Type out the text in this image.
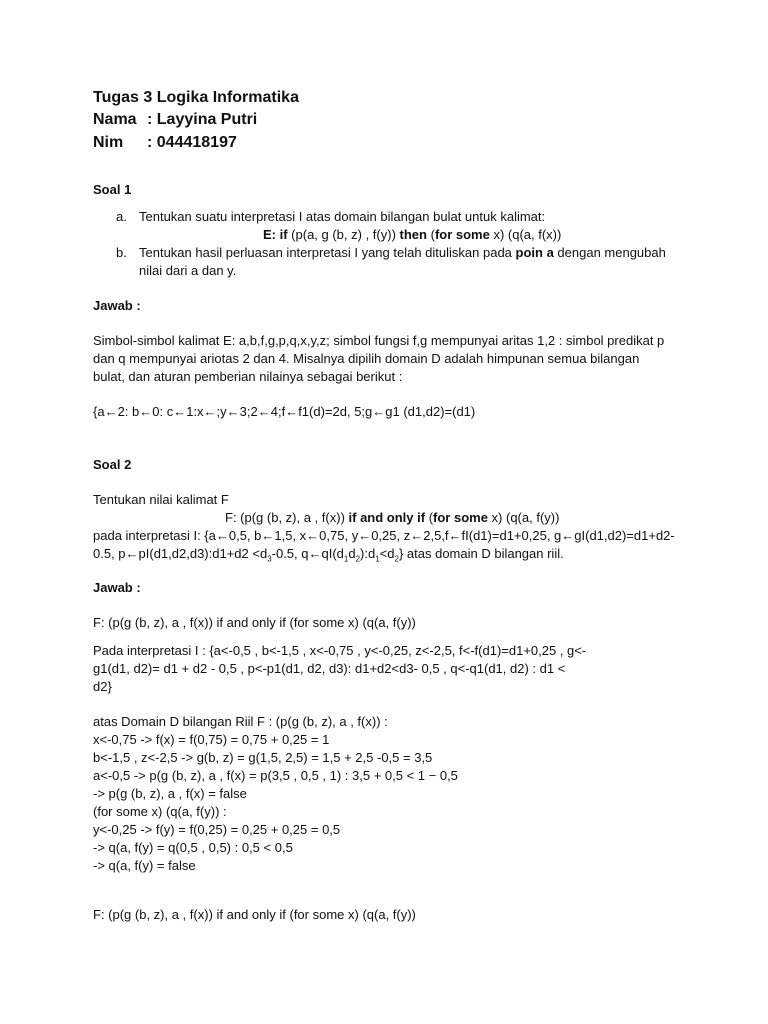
Tugas 3 Logika Informatika
Nama : Layyina Putri
Nim : 044418197
Soal 1
a. Tentukan suatu interpretasi I atas domain bilangan bulat untuk kalimat:
E: if (p(a, g (b, z) , f(y)) then (for some x) (q(a, f(x))
b. Tentukan hasil perluasan interpretasi I yang telah dituliskan pada poin a dengan mengubah
nilai dari a dan y.
Jawab :
Simbol-simbol kalimat E: a,b,f,g,p,q,x,y,z; simbol fungsi f,g mempunyai aritas 1,2 : simbol predikat p
dan q mempunyai ariotas 2 dan 4. Misalnya dipilih domain D adalah himpunan semua bilangan
bulat, dan aturan pemberian nilainya sebagai berikut :
{a←2: b←0: c←1:x←;y←3;2←4;f←f1(d)=2d, 5;g←g1 (d1,d2)=(d1)
Soal 2
Tentukan nilai kalimat F
F: (p(g (b, z), a , f(x)) if and only if (for some x) (q(a, f(y))
pada interpretasi I: {a←0,5, b←1,5, x←0,75, y←0,25, z←2,5,f←fI(d1)=d1+0,25, g←gI(d1,d2)=d1+d2-
0.5, p←pI(d1,d2,d3):d1+d2 $<d_3-0.5$, $q\leftarrow qI(d_1d_2):d_1<d_2$} atas domain D bilangan riil.
Jawab :
F: (p(g (b, z), a , f(x)) if and only if (for some x) (q(a, f(y))
Pada interpretasi I : {a<-0,5 , b<-1,5 , x<-0,75 , y<-0,25, z<-2,5, f<-f(d1)=d1+0,25 , g<-
g1(d1, d2)= d1 + d2 - 0,5 , p<-p1(d1, d2, d3): d1+d2<d3- 0,5 , q<-q1(d1, d2) : d1 <
d2}
atas Domain D bilangan Riil F : (p(g (b, z), a , f(x)) :
x<-0,75 -> f(x) = f(0,75) = 0,75 + 0,25 = 1
b<-1,5 , z<-2,5 -> g(b, z) = g(1,5, 2,5) = 1,5 + 2,5 -0,5 = 3,5
a<-0,5 -> p(g (b, z), a , f(x) = p(3,5 , 0,5 , 1) : 3,5 + 0,5 < 1 − 0,5
-> p(g (b, z), a , f(x) = false
(for some x) (q(a, f(y)) :
y<-0,25 -> f(y) = f(0,25) = 0,25 + 0,25 = 0,5
-> q(a, f(y) = q(0,5 , 0,5) : 0,5 < 0,5
-> q(a, f(y) = false
F: (p(g (b, z), a , f(x)) if and only if (for some x) (q(a, f(y))
